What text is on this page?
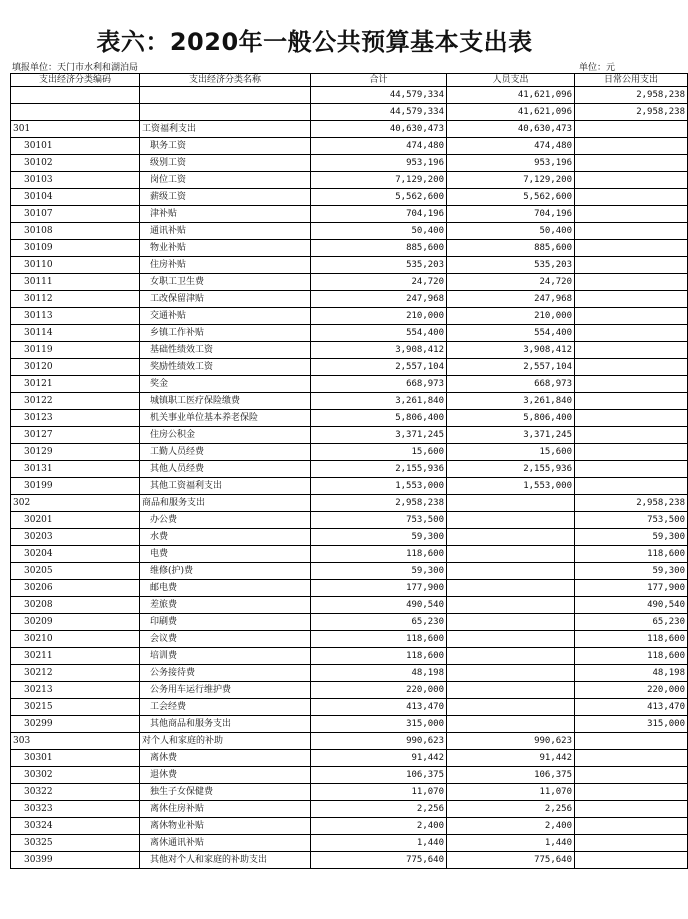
表六：2020年一般公共预算基本支出表
填报单位：天门市水利和湖泊局	单位：元
支出经济分类编码	支出经济分类名称	合计	人员支出	日常公用支出
		44,579,334	41,621,096	2,958,238
		44,579,334	41,621,096	2,958,238
301	工资福利支出	40,630,473	40,630,473	
30101	职务工资	474,480	474,480	
30102	级别工资	953,196	953,196	
30103	岗位工资	7,129,200	7,129,200	
30104	薪级工资	5,562,600	5,562,600	
30107	津补贴	704,196	704,196	
30108	通讯补贴	50,400	50,400	
30109	物业补贴	885,600	885,600	
30110	住房补贴	535,203	535,203	
30111	女职工卫生费	24,720	24,720	
30112	工改保留津贴	247,968	247,968	
30113	交通补贴	210,000	210,000	
30114	乡镇工作补贴	554,400	554,400	
30119	基础性绩效工资	3,908,412	3,908,412	
30120	奖励性绩效工资	2,557,104	2,557,104	
30121	奖金	668,973	668,973	
30122	城镇职工医疗保险缴费	3,261,840	3,261,840	
30123	机关事业单位基本养老保险	5,806,400	5,806,400	
30127	住房公积金	3,371,245	3,371,245	
30129	工勤人员经费	15,600	15,600	
30131	其他人员经费	2,155,936	2,155,936	
30199	其他工资福利支出	1,553,000	1,553,000	
302	商品和服务支出	2,958,238		2,958,238
30201	办公费	753,500		753,500
30203	水费	59,300		59,300
30204	电费	118,600		118,600
30205	维修(护)费	59,300		59,300
30206	邮电费	177,900		177,900
30208	差旅费	490,540		490,540
30209	印刷费	65,230		65,230
30210	会议费	118,600		118,600
30211	培训费	118,600		118,600
30212	公务接待费	48,198		48,198
30213	公务用车运行维护费	220,000		220,000
30215	工会经费	413,470		413,470
30299	其他商品和服务支出	315,000		315,000
303	对个人和家庭的补助	990,623	990,623	
30301	离休费	91,442	91,442	
30302	退休费	106,375	106,375	
30322	独生子女保健费	11,070	11,070	
30323	离休住房补贴	2,256	2,256	
30324	离休物业补贴	2,400	2,400	
30325	离休通讯补贴	1,440	1,440	
30399	其他对个人和家庭的补助支出	775,640	775,640	
